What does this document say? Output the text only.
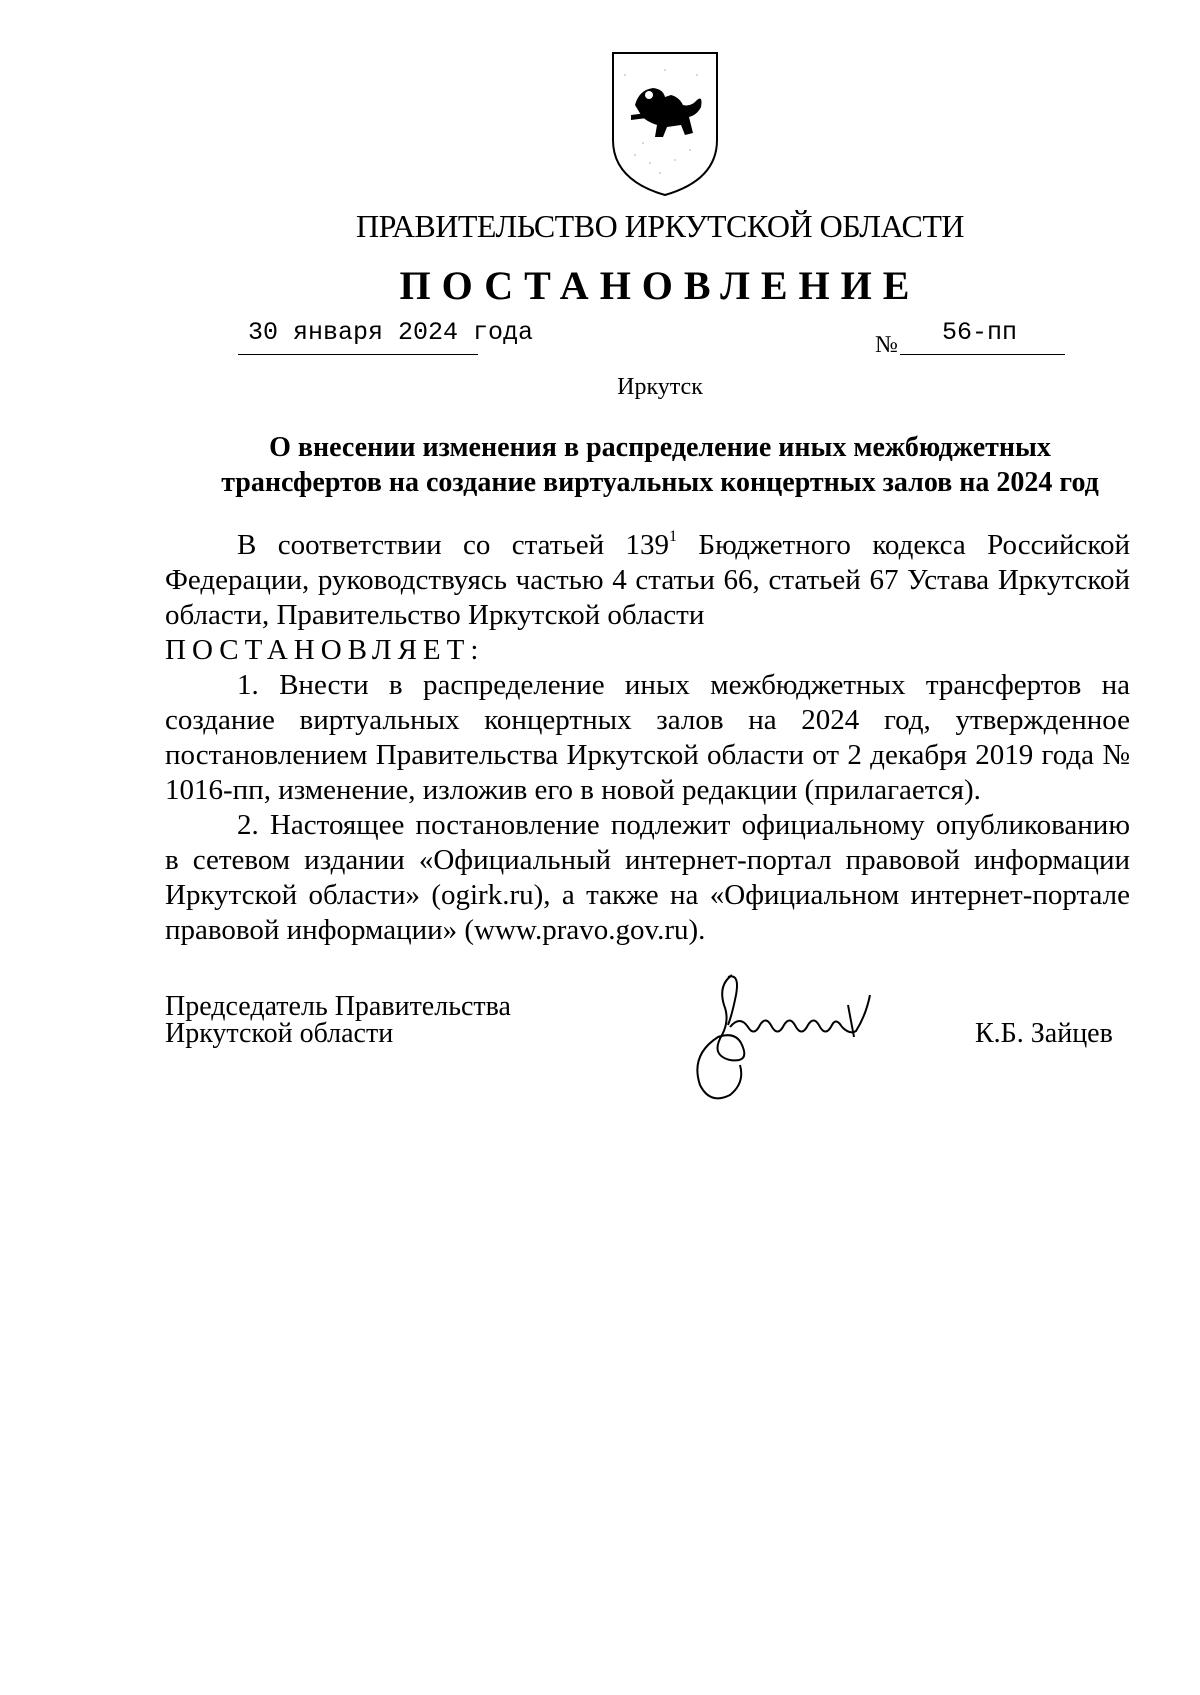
ПРАВИТЕЛЬСТВО ИРКУТСКОЙ ОБЛАСТИ
ПОСТАНОВЛЕНИЕ
30 января 2024 года	№ 56-пп
Иркутск
О внесении изменения в распределение иных межбюджетных
трансфертов на создание виртуальных концертных залов на 2024 год

В соответствии со статьей $139^1$ Бюджетного кодекса Российской Федерации, руководствуясь частью 4 статьи 66, статьей 67 Устава Иркутской области, Правительство Иркутской области

ПОСТАНОВЛЯЕТ:

1. Внести в распределение иных межбюджетных трансфертов на создание виртуальных концертных залов на 2024 год, утвержденное постановлением Правительства Иркутской области от 2 декабря 2019 года № 1016-пп, изменение, изложив его в новой редакции (прилагается).

2. Настоящее постановление подлежит официальному опубликованию в сетевом издании «Официальный интернет-портал правовой информации Иркутской области» (ogirk.ru), а также на «Официальном интернет-портале правовой информации» (www.pravo.gov.ru).

Председатель Правительства
Иркутской области	К.Б. Зайцев
